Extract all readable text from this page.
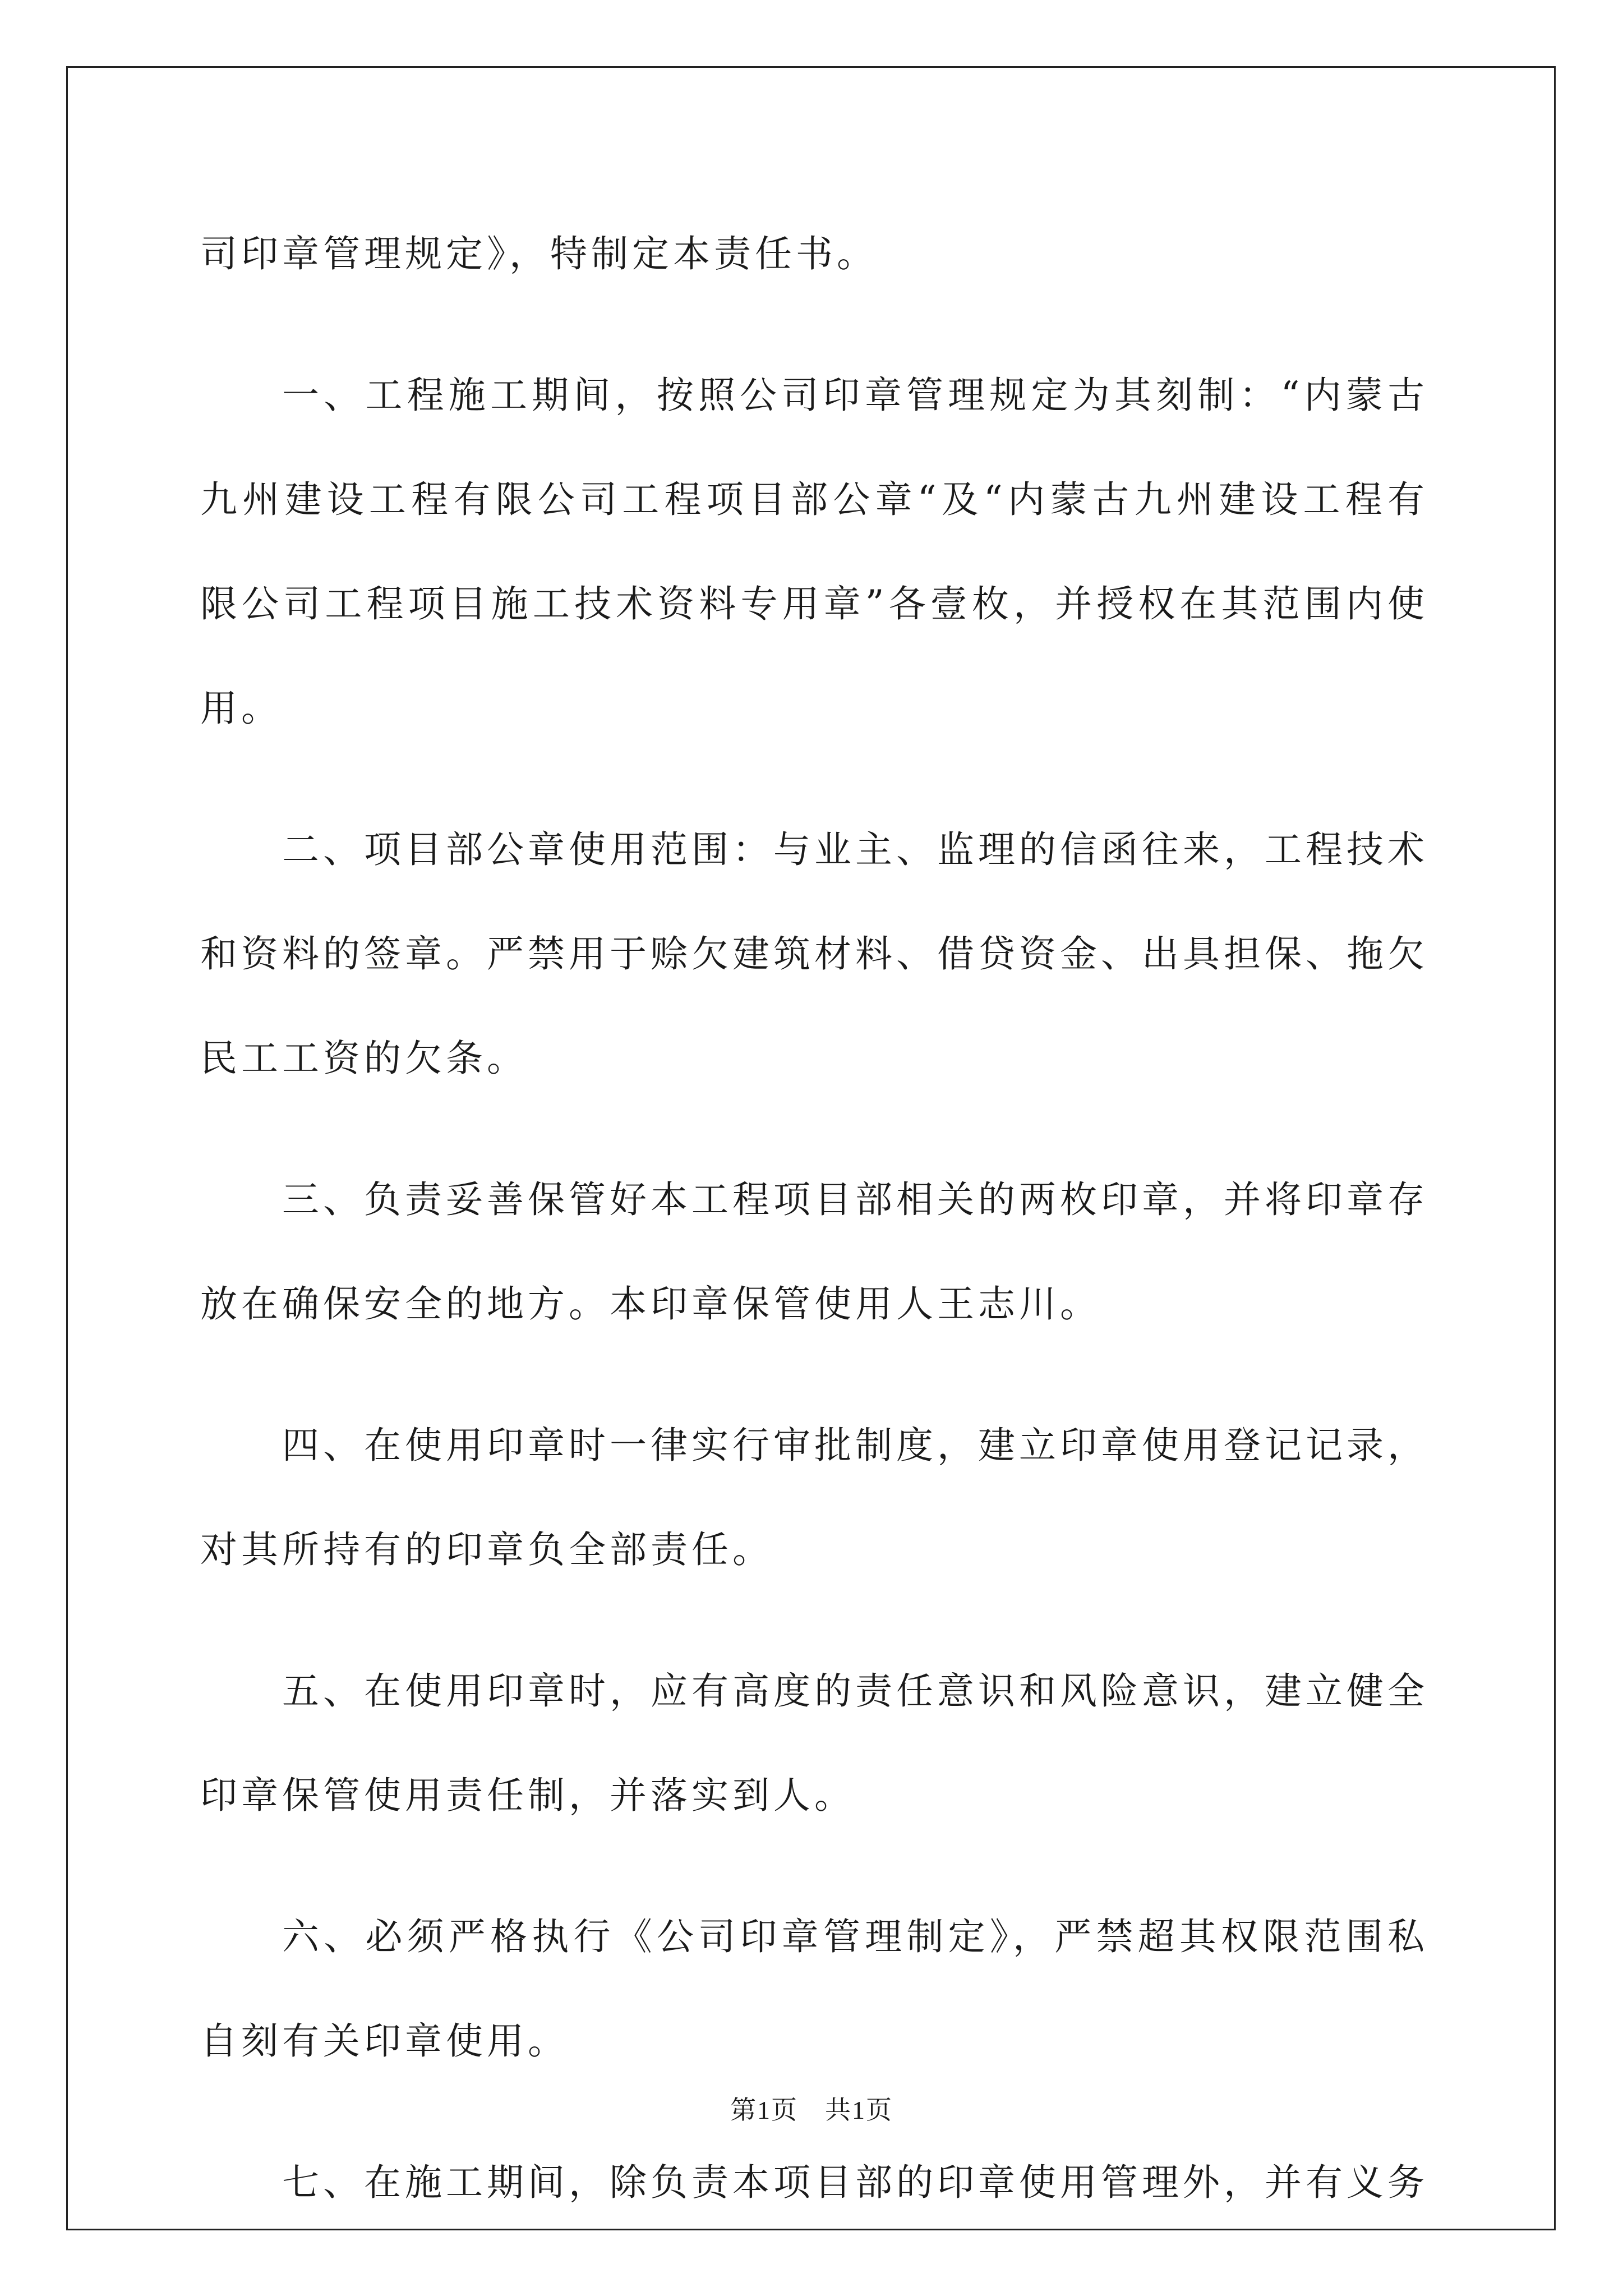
司印章管理规定》，特制定本责任书。

一、工程施工期间，按照公司印章管理规定为其刻制：“内蒙古九州建设工程有限公司工程项目部公章“及“内蒙古九州建设工程有限公司工程项目施工技术资料专用章”各壹枚，并授权在其范围内使用。

二、项目部公章使用范围：与业主、监理的信函往来，工程技术和资料的签章。严禁用于赊欠建筑材料、借贷资金、出具担保、拖欠民工工资的欠条。

三、负责妥善保管好本工程项目部相关的两枚印章，并将印章存放在确保安全的地方。本印章保管使用人王志川。

四、在使用印章时一律实行审批制度，建立印章使用登记记录，对其所持有的印章负全部责任。

五、在使用印章时，应有高度的责任意识和风险意识，建立健全印章保管使用责任制，并落实到人。

六、必须严格执行《公司印章管理制定》，严禁超其权限范围私自刻有关印章使用。

七、在施工期间，除负责本项目部的印章使用管理外，并有义务

第1页　共1页
